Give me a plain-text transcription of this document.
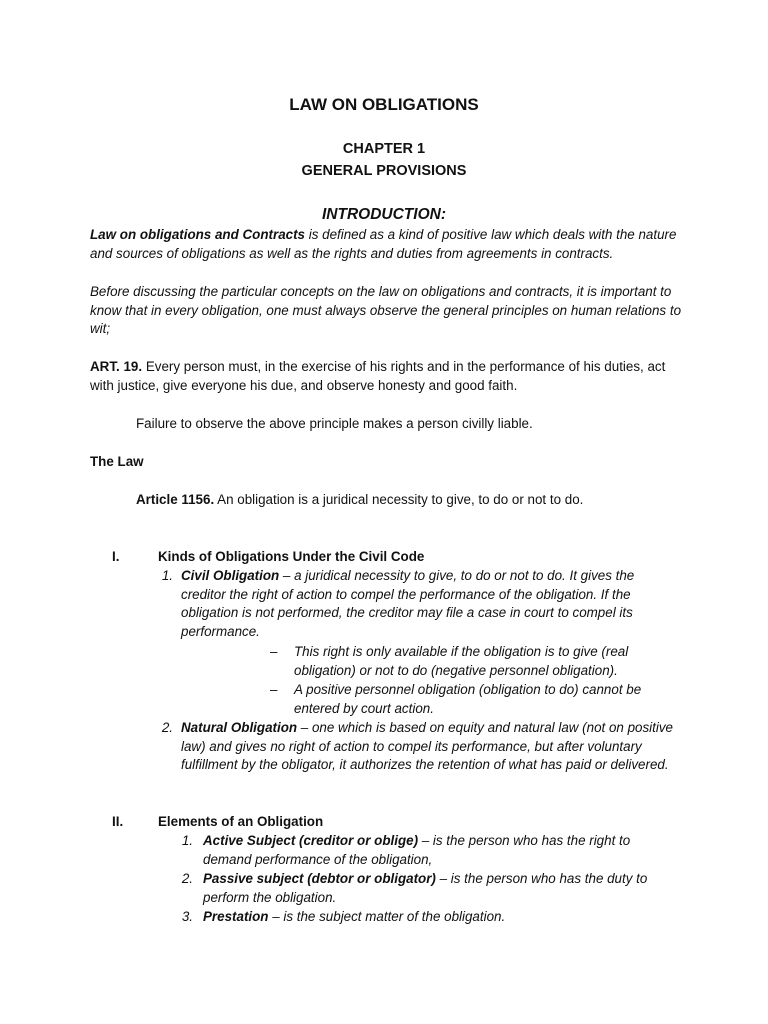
LAW ON OBLIGATIONS
CHAPTER 1
GENERAL PROVISIONS
INTRODUCTION:

Law on obligations and Contracts is defined as a kind of positive law which deals with the nature and sources of obligations as well as the rights and duties from agreements in contracts.

Before discussing the particular concepts on the law on obligations and contracts, it is important to know that in every obligation, one must always observe the general principles on human relations to wit;

ART. 19. Every person must, in the exercise of his rights and in the performance of his duties, act with justice, give everyone his due, and observe honesty and good faith.

Failure to observe the above principle makes a person civilly liable.

The Law

Article 1156. An obligation is a juridical necessity to give, to do or not to do.

I.	Kinds of Obligations Under the Civil Code
1. Civil Obligation – a juridical necessity to give, to do or not to do. It gives the creditor the right of action to compel the performance of the obligation. If the obligation is not performed, the creditor may file a case in court to compel its performance.

– This right is only available if the obligation is to give (real obligation) or not to do (negative personnel obligation).

– A positive personnel obligation (obligation to do) cannot be entered by court action.

2. Natural Obligation – one which is based on equity and natural law (not on positive law) and gives no right of action to compel its performance, but after voluntary fulfillment by the obligator, it authorizes the retention of what has paid or delivered.

II.	Elements of an Obligation
1. Active Subject (creditor or oblige) – is the person who has the right to demand performance of the obligation,

2. Passive subject (debtor or obligator) – is the person who has the duty to perform the obligation.

3. Prestation – is the subject matter of the obligation.
